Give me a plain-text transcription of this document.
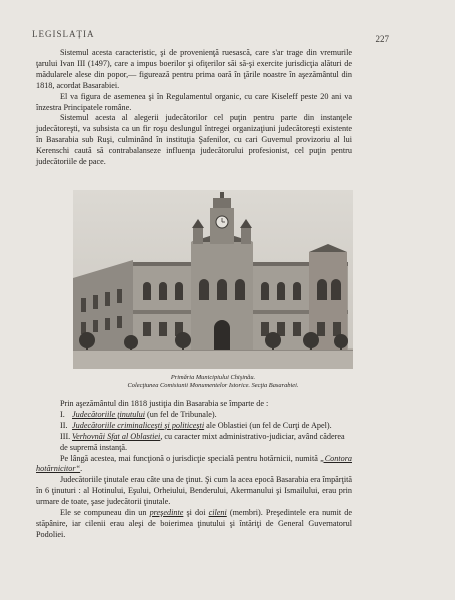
LEGISLAȚIA	227

Sistemul acesta caracteristic, şi de provenienţă ruesască, care s'ar trage din vremurile ţarului Ivan III (1497), care a impus boerilor şi ofiţerilor săi să-şi exercite jurisdicţia alături de mădularele alese din popor,— figurează pentru prima oară în ţările noastre în aşezământul din 1818, acordat Basarabiei.

El va figura de asemenea şi în Regulamentul organic, cu care Kiseleff peste 20 ani va înzestra Principatele române.

Sistemul acesta al alegerii judecătorilor cel puţin pentru parte din instanţele judecătoreşti, va subsista ca un fir roşu deslungul întregei organizaţiuni judecătoreşti existente în Basarabia sub Ruşi, culminând în instituţia Şafenilor, cu cari Guvernul provizoriu al lui Kerenschi caută să contrabalanseze influenţa judecătorului profesionist, cel puţin pentru judecătoriile de pace.

Primăria Municipiului Chişinău.
Colecţiunea Comisiunii Monumentelor Istorice. Secţia Basarabiei.

Prin aşezământul din 1818 justiţia din Basarabia se împarte de :

I. Judecătoriile ţinutului (un fel de Tribunale).
II. Judecătoriile criminaliceşti şi politiceşti ale Oblastiei (un fel de Curţi de Apel).
III. Verhovnăi Sfat al Oblastiei, cu caracter mixt administrativo-judiciar, având căderea de supremă instanţă.

Pe lângă acestea, mai funcţionă o jurisdicţie specială pentru hotărnicii, numită „Contora hotărnicitor“.

Judecătoriile ţinutale erau câte una de ţinut. Şi cum la acea epocă Basarabia era împărţită în 6 ţinuturi : al Hotinului, Eşului, Orheiului, Benderului, Akermanului şi Ismailului, erau prin urmare de toate, şase judecătorii ţinutale.

Ele se compuneau din un preşedinte şi doi cileni (membri). Preşedintele era numit de stăpânire, iar cilenii erau aleşi de boierimea ţinutului şi întăriţi de General Guvernatorul Podoliei.
